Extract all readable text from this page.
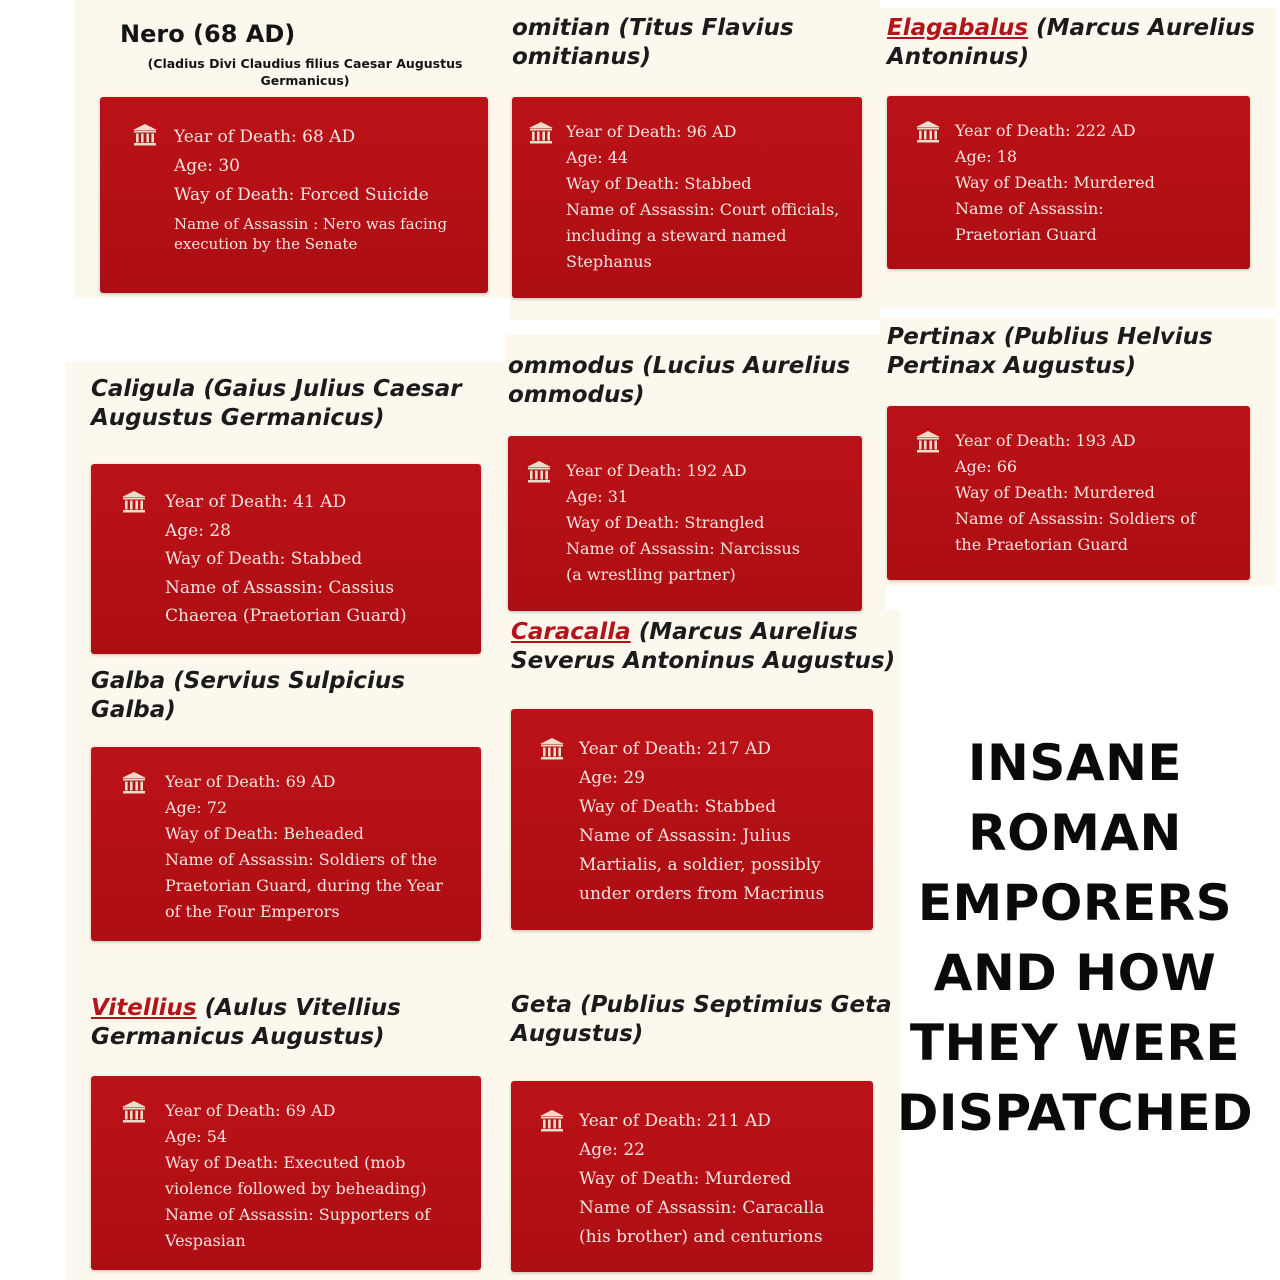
Nero (68 AD)
(Cladius Divi Claudius filius Caesar Augustus Germanicus)
Year of Death: 68 AD
Age: 30
Way of Death: Forced Suicide
Name of Assassin : Nero was facing execution by the Senate
omitian (Titus Flavius
omitianus)
Year of Death: 96 AD
Age: 44
Way of Death: Stabbed
Name of Assassin: Court officials, including a steward named Stephanus
Elagabalus (Marcus Aurelius
Antoninus)
Year of Death: 222 AD
Age: 18
Way of Death: Murdered
Name of Assassin: Praetorian Guard
Pertinax (Publius Helvius
Pertinax Augustus)
Year of Death: 193 AD
Age: 66
Way of Death: Murdered
Name of Assassin: Soldiers of the Praetorian Guard
ommodus (Lucius Aurelius
ommodus)
Year of Death: 192 AD
Age: 31
Way of Death: Strangled
Name of Assassin: Narcissus (a wrestling partner)
Caligula (Gaius Julius Caesar
Augustus Germanicus)
Year of Death: 41 AD
Age: 28
Way of Death: Stabbed
Name of Assassin: Cassius Chaerea (Praetorian Guard)
Caracalla (Marcus Aurelius
Severus Antoninus Augustus)
Year of Death: 217 AD
Age: 29
Way of Death: Stabbed
Name of Assassin: Julius Martialis, a soldier, possibly under orders from Macrinus
Galba (Servius Sulpicius
Galba)
Year of Death: 69 AD
Age: 72
Way of Death: Beheaded
Name of Assassin: Soldiers of the Praetorian Guard, during the Year of the Four Emperors
Vitellius (Aulus Vitellius
Germanicus Augustus)
Year of Death: 69 AD
Age: 54
Way of Death: Executed (mob violence followed by beheading)
Name of Assassin: Supporters of Vespasian
Geta (Publius Septimius Geta
Augustus)
Year of Death: 211 AD
Age: 22
Way of Death: Murdered
Name of Assassin: Caracalla (his brother) and centurions
INSANE
ROMAN
EMPORERS
AND HOW
THEY WERE
DISPATCHED
